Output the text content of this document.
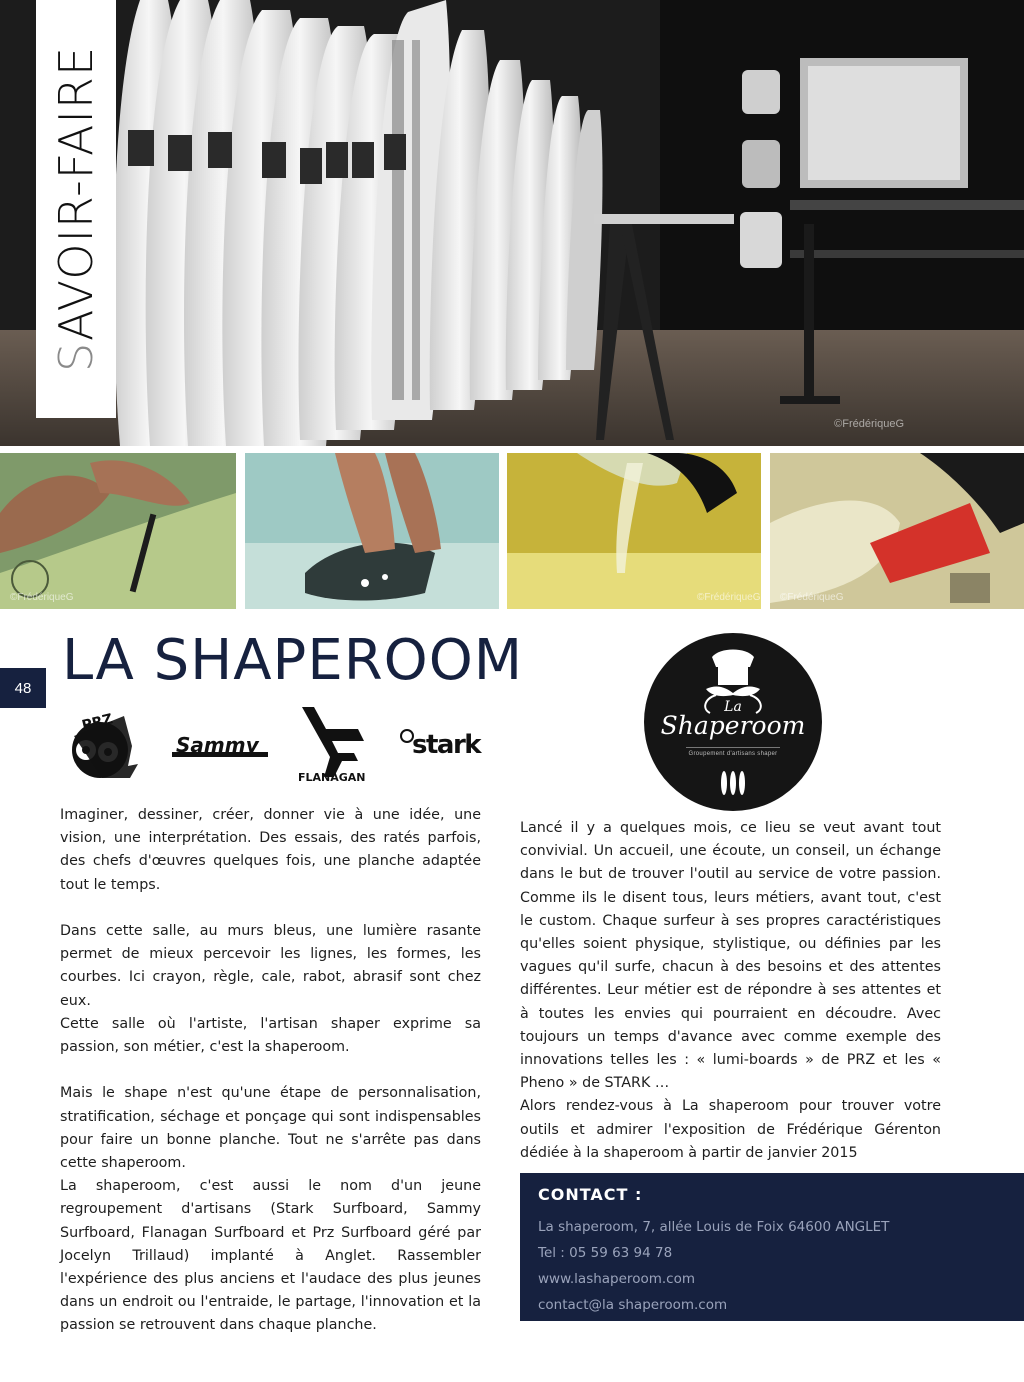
SAVOIR-FAIRE
©FrédériqueG
©FrédériqueG	©FrédériqueG ©FrédériqueG
48 LA SHAPEROOM
PRZ
Sammy
FLANAGAN
stark
La
Shaperoom
Groupement d'artisans shaper

Imaginer, dessiner, créer, donner vie à une idée, une vision, une interprétation. Des essais, des ratés parfois, des chefs d'œuvres quelques fois, une planche adaptée tout le temps.

Dans cette salle, au murs bleus, une lumière rasante permet de mieux percevoir les lignes, les formes, les courbes. Ici crayon, règle, cale, rabot, abrasif sont chez eux.

Cette salle où l'artiste, l'artisan shaper exprime sa passion, son métier, c'est la shaperoom.

Mais le shape n'est qu'une étape de personnalisation, stratification, séchage et ponçage qui sont indispensables pour faire un bonne planche. Tout ne s'arrête pas dans cette shaperoom.

La shaperoom, c'est aussi le nom d'un jeune regroupement d'artisans (Stark Surfboard, Sammy Surfboard, Flanagan Surfboard et Prz Surfboard géré par Jocelyn Trillaud) implanté à Anglet. Rassembler l'expérience des plus anciens et l'audace des plus jeunes dans un endroit ou l'entraide, le partage, l'innovation et la passion se retrouvent dans chaque planche.

Lancé il y a quelques mois, ce lieu se veut avant tout convivial. Un accueil, une écoute, un conseil, un échange dans le but de trouver l'outil au service de votre passion. Comme ils le disent tous, leurs métiers, avant tout, c'est le custom. Chaque surfeur à ses propres caractéristiques qu'elles soient physique, stylistique, ou définies par les vagues qu'il surfe, chacun à des besoins et des attentes différentes. Leur métier est de répondre à ses attentes et à toutes les envies qui pourraient en découdre. Avec toujours un temps d'avance avec comme exemple des innovations telles les : « lumi-boards » de PRZ et les « Pheno » de STARK …

Alors rendez-vous à La shaperoom pour trouver votre outils et admirer l'exposition de Frédérique Gérenton dédiée à la shaperoom à partir de janvier 2015

CONTACT :
La shaperoom, 7, allée Louis de Foix 64600 ANGLET
Tel : 05 59 63 94 78
www.lashaperoom.com
contact@la shaperoom.com
